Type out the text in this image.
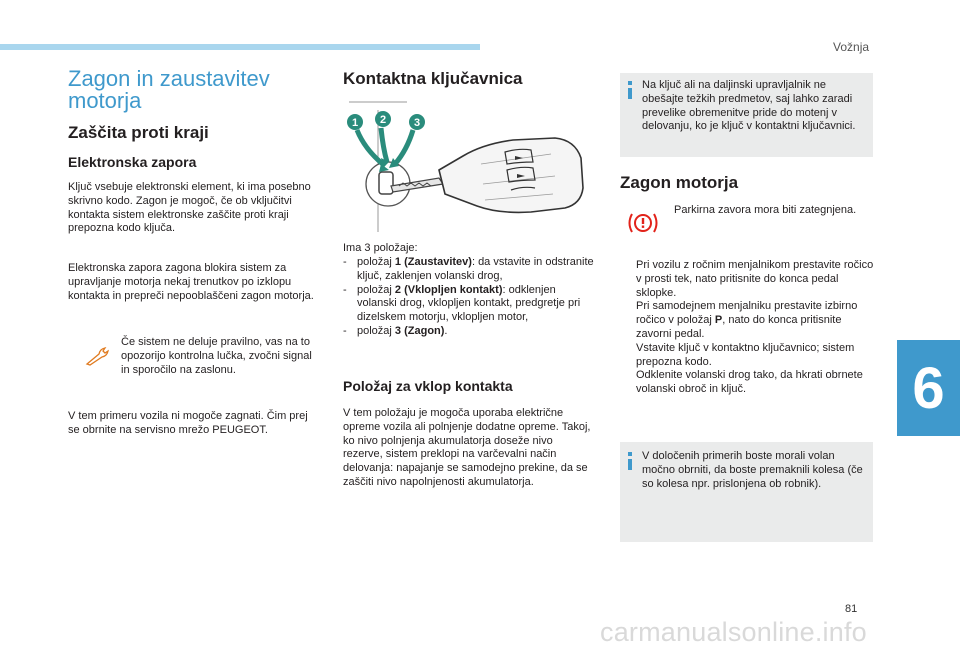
Vožnja
6
81
carmanualsonline.info
Zagon in zaustavitev motorja
Zaščita proti kraji
Elektronska zapora
Ključ vsebuje elektronski element, ki ima posebno skrivno kodo. Zagon je mogoč, če ob vključitvi kontakta sistem elektronske zaščite proti kraji prepozna kodo ključa.
Elektronska zapora zagona blokira sistem za upravljanje motorja nekaj trenutkov po izklopu kontakta in prepreči nepooblaščeni zagon motorja.
Če sistem ne deluje pravilno, vas na to opozorijo kontrolna lučka, zvočni signal in sporočilo na zaslonu.
V tem primeru vozila ni mogoče zagnati. Čim prej se obrnite na servisno mrežo PEUGEOT.
Kontaktna ključavnica
1 2	3
Ima 3 položaje:
- položaj 1 (Zaustavitev): da vstavite in odstranite ključ, zaklenjen volanski drog,
- položaj 2 (Vklopljen kontakt): odklenjen volanski drog, vklopljen kontakt, predgretje pri dizelskem motorju, vklopljen motor,
- položaj 3 (Zagon).
Položaj za vklop kontakta
V tem položaju je mogoča uporaba električne opreme vozila ali polnjenje dodatne opreme. Takoj, ko nivo polnjenja akumulatorja doseže nivo rezerve, sistem preklopi na varčevalni način delovanja: napajanje se samodejno prekine, da se zaščiti nivo napolnjenosti akumulatorja.
Na ključ ali na daljinski upravljalnik ne obešajte težkih predmetov, saj lahko zaradi prevelike obremenitve pride do motenj v delovanju, ko je ključ v kontaktni ključavnici.
Zagon motorja
Parkirna zavora mora biti zategnjena.
Pri vozilu z ročnim menjalnikom prestavite ročico v prosti tek, nato pritisnite do konca pedal sklopke.
Pri samodejnem menjalniku prestavite izbirno ročico v položaj P, nato do konca pritisnite zavorni pedal.
Vstavite ključ v kontaktno ključavnico; sistem prepozna kodo.
Odklenite volanski drog tako, da hkrati obrnete volanski obroč in ključ.
V določenih primerih boste morali volan močno obrniti, da boste premaknili kolesa (če so kolesa npr. prislonjena ob robnik).
